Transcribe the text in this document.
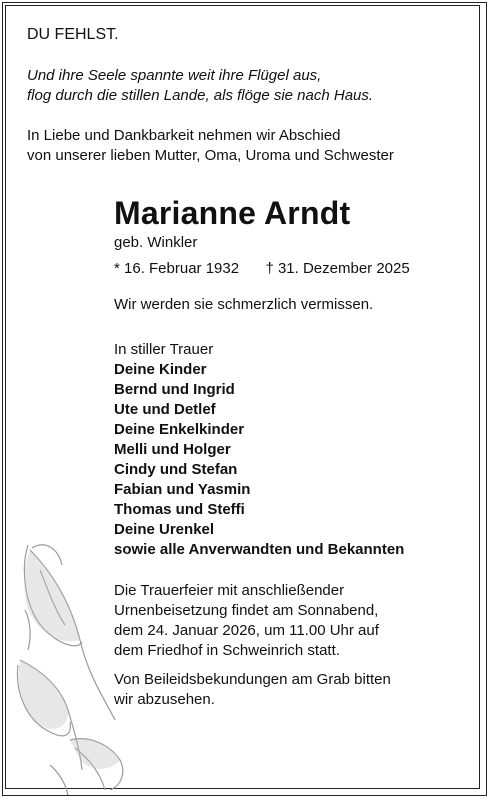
DU FEHLST.
Und ihre Seele spannte weit ihre Flügel aus,
flog durch die stillen Lande, als flöge sie nach Haus.
In Liebe und Dankbarkeit nehmen wir Abschied
von unserer lieben Mutter, Oma, Uroma und Schwester
Marianne Arndt
geb. Winkler
* 16. Februar 1932 † 31. Dezember 2025
Wir werden sie schmerzlich vermissen.
In stiller Trauer
Deine Kinder
Bernd und Ingrid
Ute und Detlef
Deine Enkelkinder
Melli und Holger
Cindy und Stefan
Fabian und Yasmin
Thomas und Steffi
Deine Urenkel
sowie alle Anverwandten und Bekannten
Die Trauerfeier mit anschließender
Urnenbeisetzung findet am Sonnabend,
dem 24. Januar 2026, um 11.00 Uhr auf
dem Friedhof in Schweinrich statt.
Von Beileidsbekundungen am Grab bitten
wir abzusehen.
